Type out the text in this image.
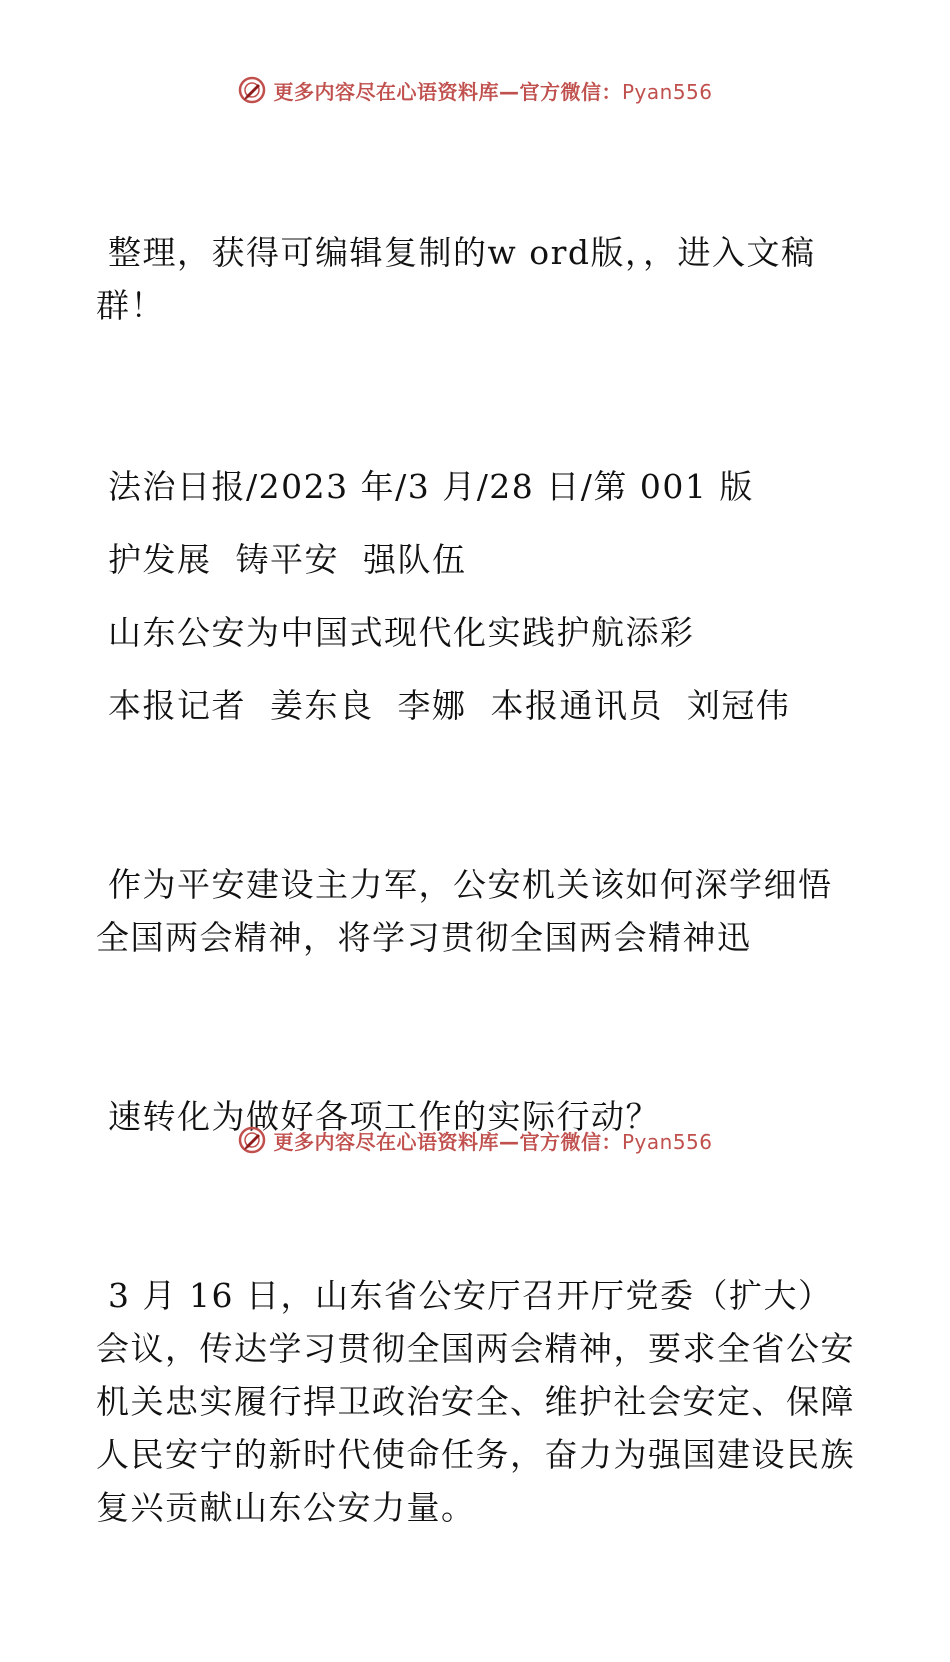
更多内容尽在心语资料库—官方微信：Pyan556

整理，获得可编辑复制的w ord版，，进入文稿
群！

法治日报/2023 年/3 月/28 日/第 001 版

护发展  铸平安  强队伍

山东公安为中国式现代化实践护航添彩

本报记者  姜东良  李娜  本报通讯员  刘冠伟

作为平安建设主力军，公安机关该如何深学细悟
全国两会精神，将学习贯彻全国两会精神迅

速转化为做好各项工作的实际行动？

3 月 16 日，山东省公安厅召开厅党委（扩大）
会议，传达学习贯彻全国两会精神，要求全省公安
机关忠实履行捍卫政治安全、维护社会安定、保障
人民安宁的新时代使命任务，奋力为强国建设民族
复兴贡献山东公安力量。

更多内容尽在心语资料库—官方微信：Pyan556
